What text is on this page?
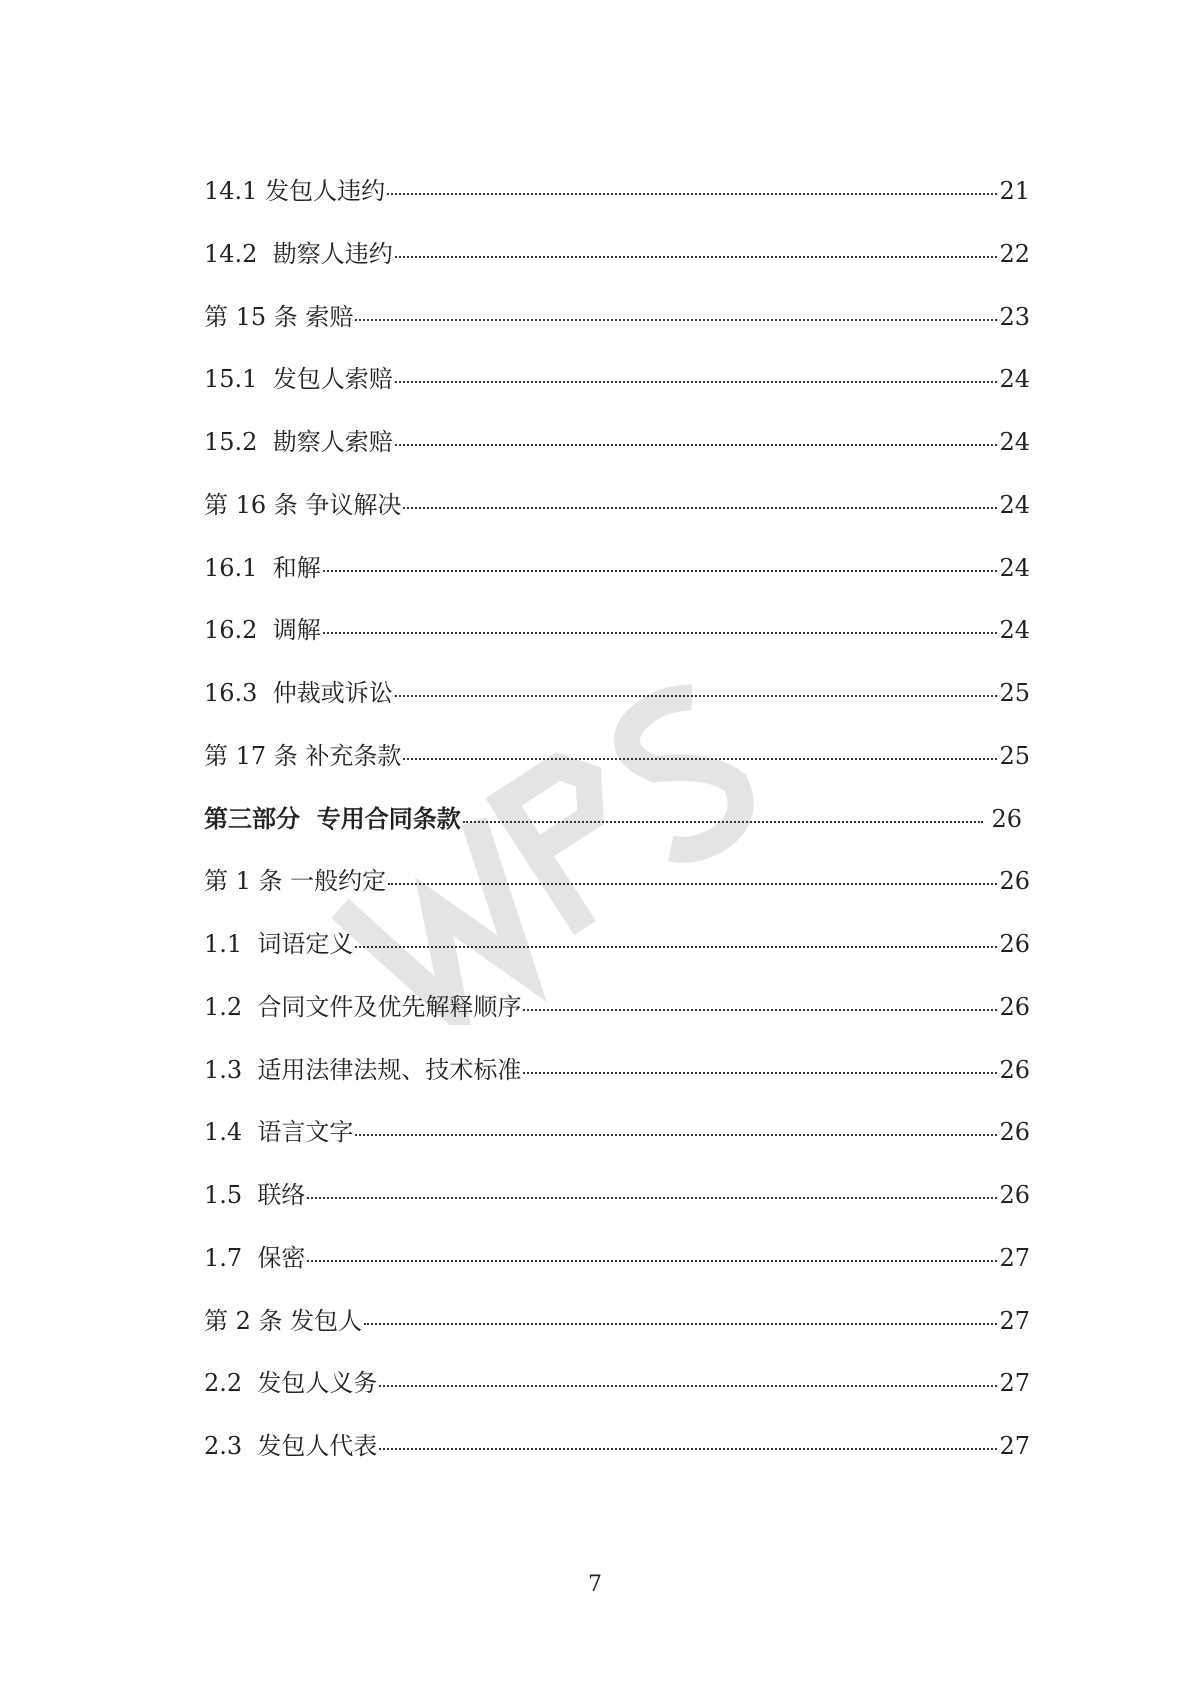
14.1 发包人违约	21
14.2  勘察人违约	22
第 15 条 索赔	23
15.1  发包人索赔	24
15.2  勘察人索赔	24
第 16 条 争议解决	24
16.1  和解	24
16.2  调解	24
16.3  仲裁或诉讼	25
第 17 条 补充条款	25
第三部分  专用合同条款	26
第 1 条 一般约定	26
1.1  词语定义	26
1.2  合同文件及优先解释顺序	26
1.3  适用法律法规、技术标准	26
1.4  语言文字	26
1.5  联络	26
1.7  保密	27
第 2 条 发包人	27
2.2  发包人义务	27
2.3  发包人代表	27
7
